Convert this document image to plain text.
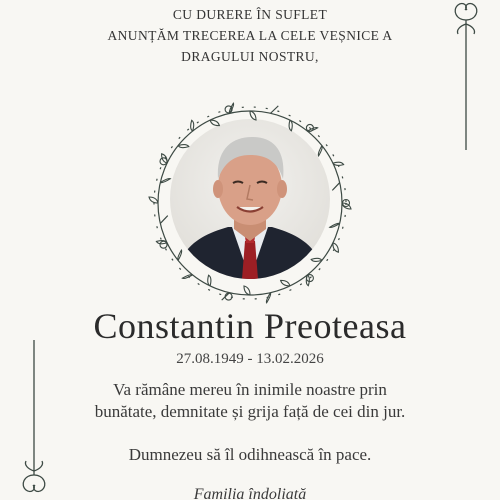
CU DURERE ÎN SUFLET
ANUNȚĂM TRECEREA LA CELE VEȘNICE A
DRAGULUI NOSTRU,
Constantin Preoteasa
27.08.1949 - 13.02.2026
Va rămâne mereu în inimile noastre prin
bunătate, demnitate și grija față de cei din jur.
Dumnezeu să îl odihnească în pace.
Familia îndoliată
